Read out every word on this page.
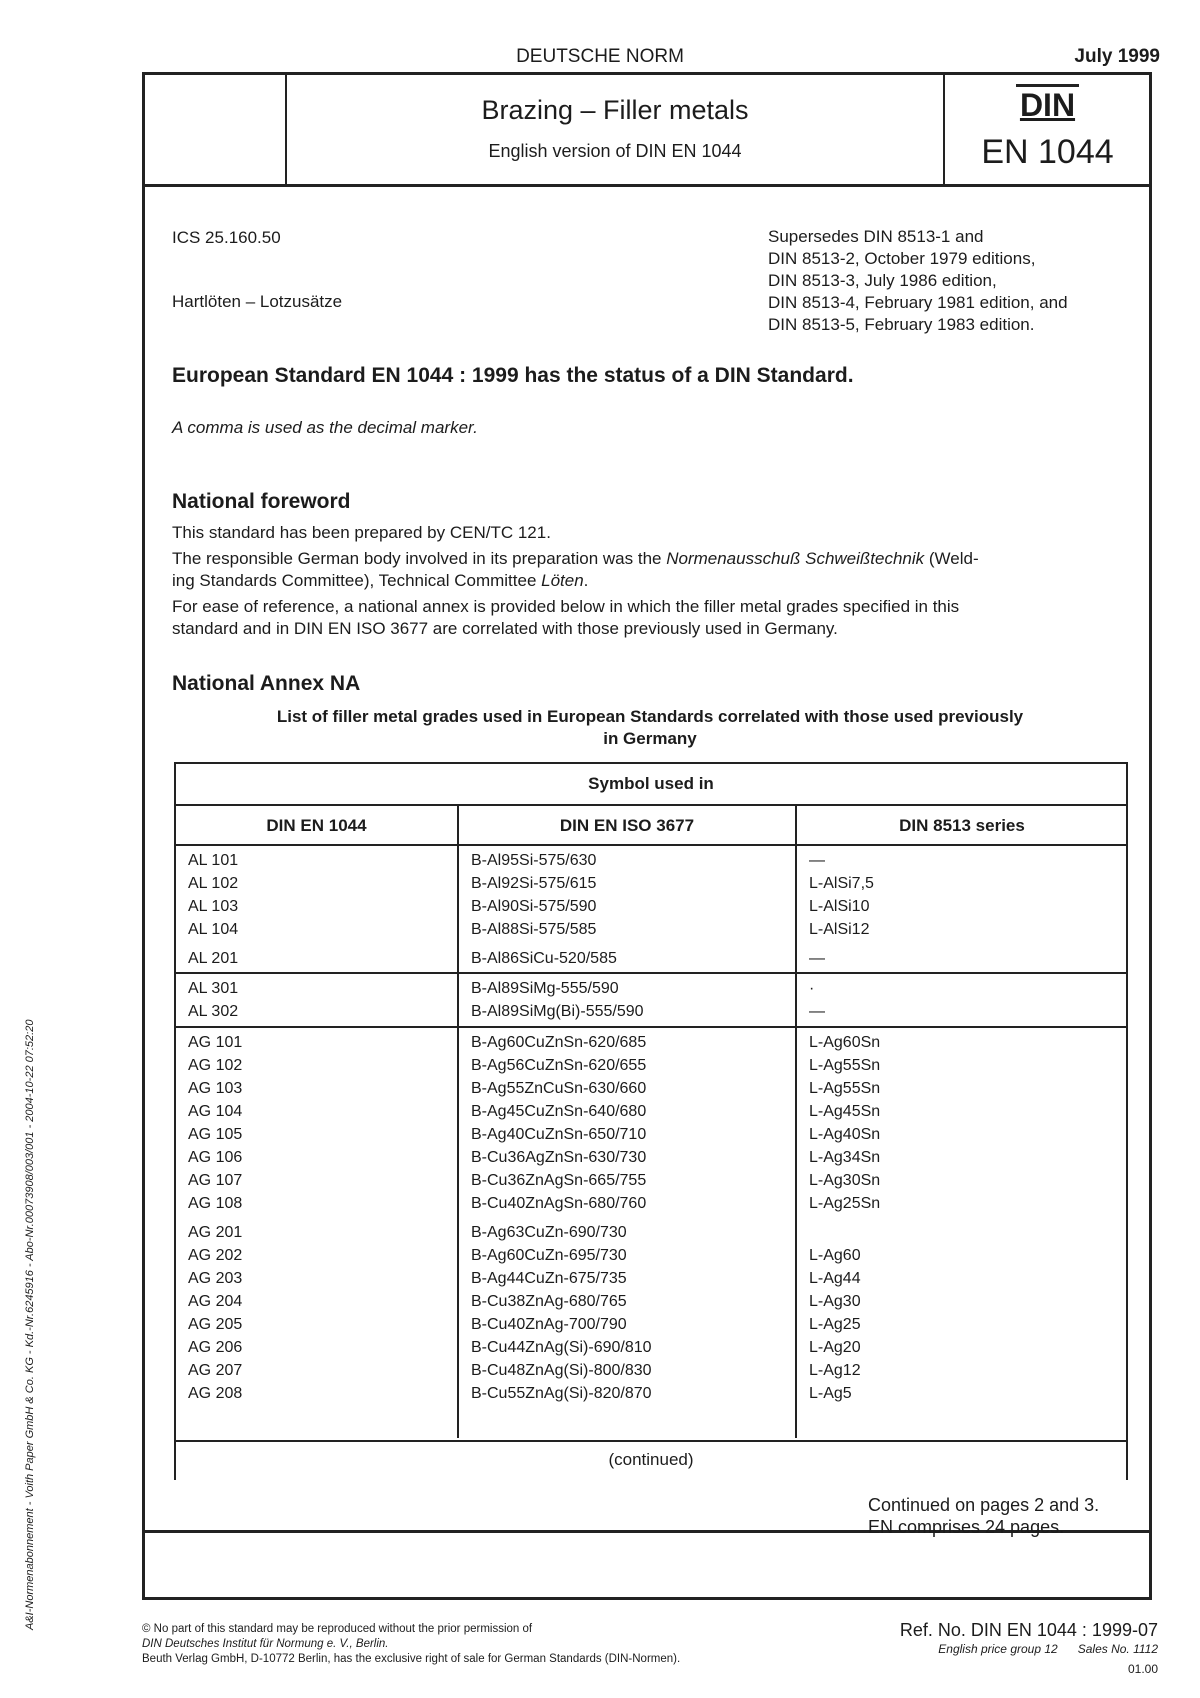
DEUTSCHE NORM	July 1999
Brazing – Filler metals
English version of DIN EN 1044
DIN
EN 1044
ICS 25.160.50
Hartlöten – Lotzusätze
Supersedes DIN 8513-1 and
DIN 8513-2, October 1979 editions,
DIN 8513-3, July 1986 edition,
DIN 8513-4, February 1981 edition, and
DIN 8513-5, February 1983 edition.
European Standard EN 1044 : 1999 has the status of a DIN Standard.
A comma is used as the decimal marker.
National foreword
This standard has been prepared by CEN/TC 121.
The responsible German body involved in its preparation was the Normenausschuß Schweißtechnik (Weld-
ing Standards Committee), Technical Committee Löten.
For ease of reference, a national annex is provided below in which the filler metal grades specified in this
standard and in DIN EN ISO 3677 are correlated with those previously used in Germany.
National Annex NA
List of filler metal grades used in European Standards correlated with those used previously
in Germany
Symbol used in
DIN EN 1044	DIN EN ISO 3677	DIN 8513 series
AL 101	B-Al95Si-575/630	—
AL 102	B-Al92Si-575/615	L-AlSi7,5
AL 103	B-Al90Si-575/590	L-AlSi10
AL 104	B-Al88Si-575/585	L-AlSi12
AL 201	B-Al86SiCu-520/585	—
AL 301	B-Al89SiMg-555/590	·
AL 302	B-Al89SiMg(Bi)-555/590	—
AG 101	B-Ag60CuZnSn-620/685	L-Ag60Sn
AG 102	B-Ag56CuZnSn-620/655	L-Ag55Sn
AG 103	B-Ag55ZnCuSn-630/660	L-Ag55Sn
AG 104	B-Ag45CuZnSn-640/680	L-Ag45Sn
AG 105	B-Ag40CuZnSn-650/710	L-Ag40Sn
AG 106	B-Cu36AgZnSn-630/730	L-Ag34Sn
AG 107	B-Cu36ZnAgSn-665/755	L-Ag30Sn
AG 108	B-Cu40ZnAgSn-680/760	L-Ag25Sn
AG 201	B-Ag63CuZn-690/730
AG 202	B-Ag60CuZn-695/730	L-Ag60
AG 203	B-Ag44CuZn-675/735	L-Ag44
AG 204	B-Cu38ZnAg-680/765	L-Ag30
AG 205	B-Cu40ZnAg-700/790	L-Ag25
AG 206	B-Cu44ZnAg(Si)-690/810	L-Ag20
AG 207	B-Cu48ZnAg(Si)-800/830	L-Ag12
AG 208	B-Cu55ZnAg(Si)-820/870	L-Ag5
(continued)
Continued on pages 2 and 3.
EN comprises 24 pages.
© No part of this standard may be reproduced without the prior permission of
DIN Deutsches Institut für Normung e. V., Berlin.
Beuth Verlag GmbH, D-10772 Berlin, has the exclusive right of sale for German Standards (DIN-Normen).
Ref. No. DIN EN 1044 : 1999-07
English price group 12 Sales No. 1112
01.00
A&I-Normenabonnement - Voith Paper GmbH & Co. KG - Kd.-Nr.6245916 - Abo-Nr.00073908/003/001 - 2004-10-22 07:52:20
